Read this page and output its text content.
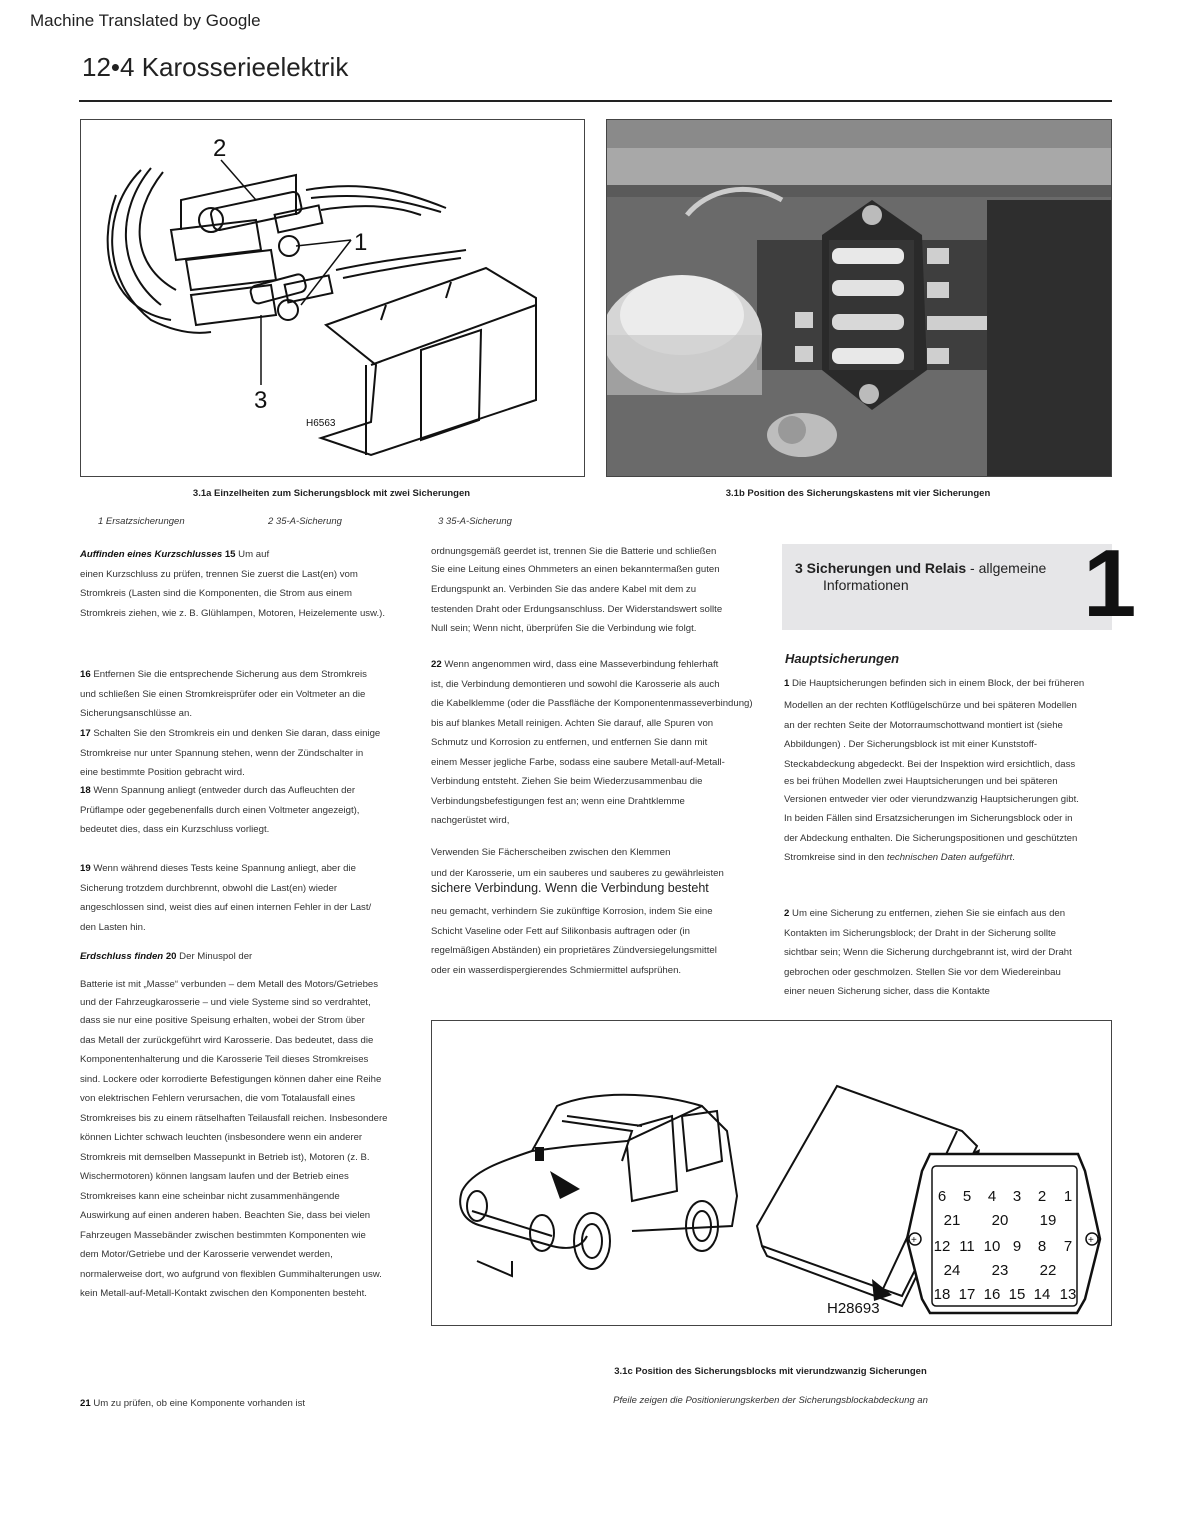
Machine Translated by Google
12•4 Karosserieelektrik
2
1
3
H6563
3.1a Einzelheiten zum Sicherungsblock mit zwei Sicherungen	3.1b Position des Sicherungskastens mit vier Sicherungen
1 Ersatzsicherungen	2 35-A-Sicherung	3 35-A-Sicherung
Auffinden eines Kurzschlusses 15 Um auf
einen Kurzschluss zu prüfen, trennen Sie zuerst die Last(en) vom
Stromkreis (Lasten sind die Komponenten, die Strom aus einem
Stromkreis ziehen, wie z. B. Glühlampen, Motoren, Heizelemente usw.).
16 Entfernen Sie die entsprechende Sicherung aus dem Stromkreis
und schließen Sie einen Stromkreisprüfer oder ein Voltmeter an die
Sicherungsanschlüsse an.
17 Schalten Sie den Stromkreis ein und denken Sie daran, dass einige
Stromkreise nur unter Spannung stehen, wenn der Zündschalter in
eine bestimmte Position gebracht wird.
18 Wenn Spannung anliegt (entweder durch das Aufleuchten der
Prüflampe oder gegebenenfalls durch einen Voltmeter angezeigt),
bedeutet dies, dass ein Kurzschluss vorliegt.
19 Wenn während dieses Tests keine Spannung anliegt, aber die
Sicherung trotzdem durchbrennt, obwohl die Last(en) wieder
angeschlossen sind, weist dies auf einen internen Fehler in der Last/
den Lasten hin.
Erdschluss finden 20 Der Minuspol der
Batterie ist mit „Masse“ verbunden – dem Metall des Motors/Getriebes
und der Fahrzeugkarosserie – und viele Systeme sind so verdrahtet,
dass sie nur eine positive Speisung erhalten, wobei der Strom über
das Metall der zurückgeführt wird Karosserie. Das bedeutet, dass die
Komponentenhalterung und die Karosserie Teil dieses Stromkreises
sind. Lockere oder korrodierte Befestigungen können daher eine Reihe
von elektrischen Fehlern verursachen, die vom Totalausfall eines
Stromkreises bis zu einem rätselhaften Teilausfall reichen. Insbesondere
können Lichter schwach leuchten (insbesondere wenn ein anderer
Stromkreis mit demselben Massepunkt in Betrieb ist), Motoren (z. B.
Wischermotoren) können langsam laufen und der Betrieb eines
Stromkreises kann eine scheinbar nicht zusammenhängende
Auswirkung auf einen anderen haben. Beachten Sie, dass bei vielen
Fahrzeugen Massebänder zwischen bestimmten Komponenten wie
dem Motor/Getriebe und der Karosserie verwendet werden,
normalerweise dort, wo aufgrund von flexiblen Gummihalterungen usw.
kein Metall-auf-Metall-Kontakt zwischen den Komponenten besteht.
21 Um zu prüfen, ob eine Komponente vorhanden ist
ordnungsgemäß geerdet ist, trennen Sie die Batterie und schließen
Sie eine Leitung eines Ohmmeters an einen bekanntermaßen guten
Erdungspunkt an. Verbinden Sie das andere Kabel mit dem zu
testenden Draht oder Erdungsanschluss. Der Widerstandswert sollte
Null sein; Wenn nicht, überprüfen Sie die Verbindung wie folgt.
22 Wenn angenommen wird, dass eine Masseverbindung fehlerhaft
ist, die Verbindung demontieren und sowohl die Karosserie als auch
die Kabelklemme (oder die Passfläche der Komponentenmasseverbindung)
bis auf blankes Metall reinigen. Achten Sie darauf, alle Spuren von
Schmutz und Korrosion zu entfernen, und entfernen Sie dann mit
einem Messer jegliche Farbe, sodass eine saubere Metall-auf-Metall-
Verbindung entsteht. Ziehen Sie beim Wiederzusammenbau die
Verbindungsbefestigungen fest an; wenn eine Drahtklemme
nachgerüstet wird,
Verwenden Sie Fächerscheiben zwischen den Klemmen
und der Karosserie, um ein sauberes und sauberes zu gewährleisten
sichere Verbindung. Wenn die Verbindung besteht
neu gemacht, verhindern Sie zukünftige Korrosion, indem Sie eine
Schicht Vaseline oder Fett auf Silikonbasis auftragen oder (in
regelmäßigen Abständen) ein proprietäres Zündversiegelungsmittel
oder ein wasserdispergierendes Schmiermittel aufsprühen.
3 Sicherungen und Relais - allgemeine
Informationen	1
Hauptsicherungen
1 Die Hauptsicherungen befinden sich in einem Block, der bei früheren
Modellen an der rechten Kotflügelschürze und bei späteren Modellen
an der rechten Seite der Motorraumschottwand montiert ist (siehe
Abbildungen) . Der Sicherungsblock ist mit einer Kunststoff-
Steckabdeckung abgedeckt. Bei der Inspektion wird ersichtlich, dass
es bei frühen Modellen zwei Hauptsicherungen und bei späteren
Versionen entweder vier oder vierundzwanzig Hauptsicherungen gibt.
In beiden Fällen sind Ersatzsicherungen im Sicherungsblock oder in
der Abdeckung enthalten. Die Sicherungspositionen und geschützten
Stromkreise sind in den technischen Daten aufgeführt.
2 Um eine Sicherung zu entfernen, ziehen Sie sie einfach aus den
Kontakten im Sicherungsblock; der Draht in der Sicherung sollte
sichtbar sein; Wenn die Sicherung durchgebrannt ist, wird der Draht
gebrochen oder geschmolzen. Stellen Sie vor dem Wiedereinbau
einer neuen Sicherung sicher, dass die Kontakte
+	+
6 5 4 3 2 1
21 20 19
12 11 10 9 8 7
24 23 22
18 17 16 15 14 13
H28693
3.1c Position des Sicherungsblocks mit vierundzwanzig Sicherungen
Pfeile zeigen die Positionierungskerben der Sicherungsblockabdeckung an
